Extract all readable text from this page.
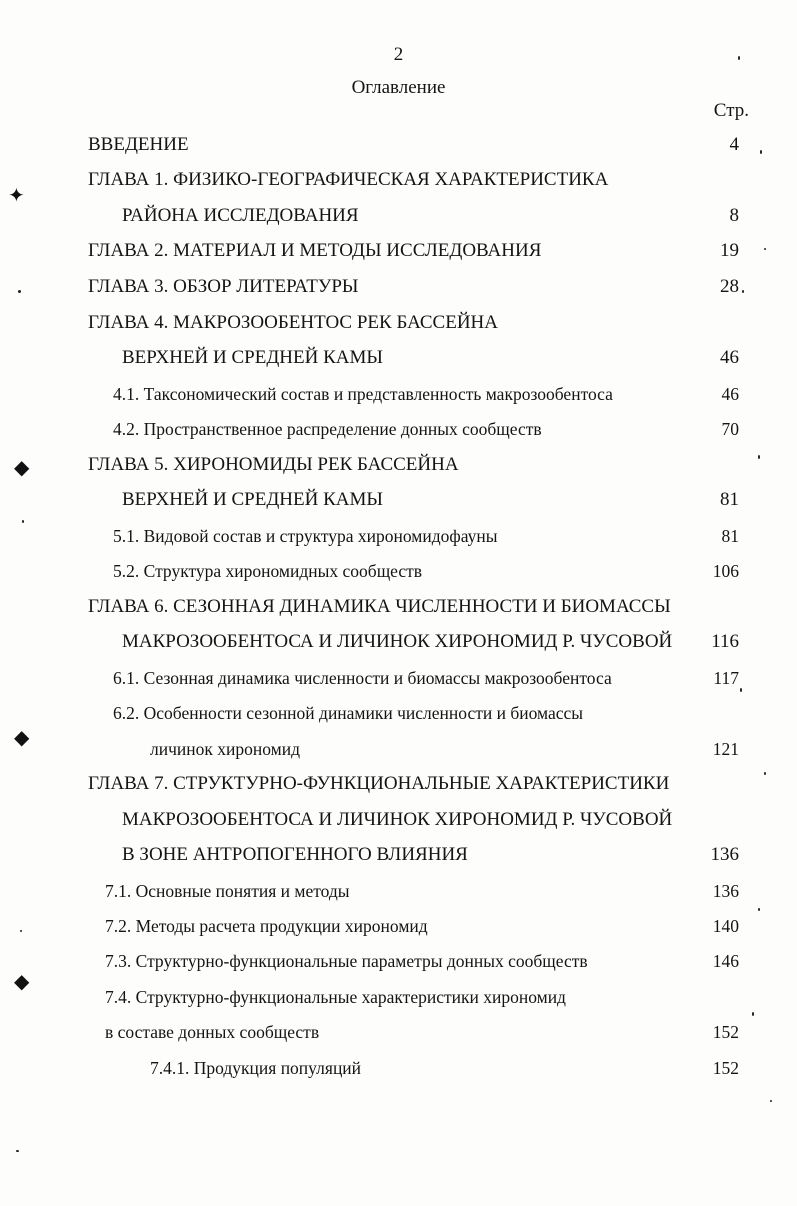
2
Оглавление
Стр.
ВВЕДЕНИЕ	4
ГЛАВА 1. ФИЗИКО-ГЕОГРАФИЧЕСКАЯ ХАРАКТЕРИСТИКА
РАЙОНА ИССЛЕДОВАНИЯ	8
ГЛАВА 2. МАТЕРИАЛ И МЕТОДЫ ИССЛЕДОВАНИЯ	19
ГЛАВА 3. ОБЗОР ЛИТЕРАТУРЫ	28
ГЛАВА 4. МАКРОЗООБЕНТОС РЕК БАССЕЙНА
ВЕРХНЕЙ И СРЕДНЕЙ КАМЫ	46
4.1. Таксономический состав и представленность макрозообентоса	46
4.2. Пространственное распределение донных сообществ	70
ГЛАВА 5. ХИРОНОМИДЫ РЕК БАССЕЙНА
ВЕРХНЕЙ И СРЕДНЕЙ КАМЫ	81
5.1. Видовой состав и структура хирономидофауны	81
5.2. Структура хирономидных сообществ	106
ГЛАВА 6. СЕЗОННАЯ ДИНАМИКА ЧИСЛЕННОСТИ И БИОМАССЫ
МАКРОЗООБЕНТОСА И ЛИЧИНОК ХИРОНОМИД Р. ЧУСОВОЙ 116
6.1. Сезонная динамика численности и биомассы макрозообентоса	117
6.2. Особенности сезонной динамики численности и биомассы
личинок хирономид	121
ГЛАВА 7. СТРУКТУРНО-ФУНКЦИОНАЛЬНЫЕ ХАРАКТЕРИСТИКИ
МАКРОЗООБЕНТОСА И ЛИЧИНОК ХИРОНОМИД Р. ЧУСОВОЙ
В ЗОНЕ АНТРОПОГЕННОГО ВЛИЯНИЯ	136
7.1. Основные понятия и методы	136
7.2. Методы расчета продукции хирономид	140
7.3. Структурно-функциональные параметры донных сообществ	146
7.4. Структурно-функциональные характеристики хирономид
в составе донных сообществ	152
7.4.1. Продукция популяций	152
✦
◆
◆
◆
